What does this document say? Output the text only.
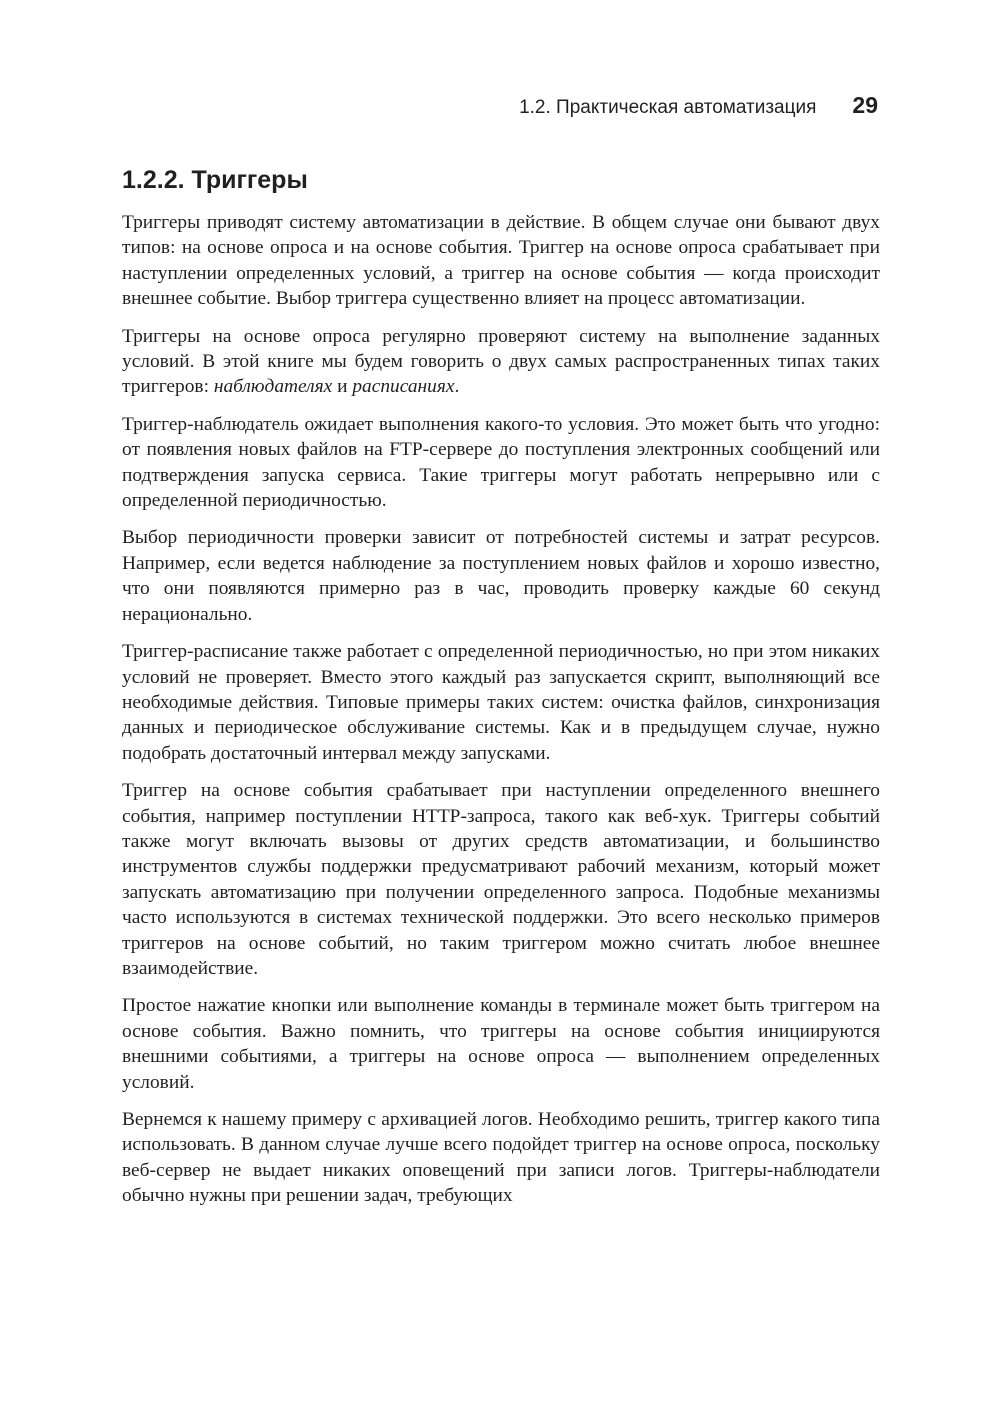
1.2. Практическая автоматизация 29
1.2.2. Триггеры

Триггеры приводят систему автоматизации в действие. В общем случае они бывают двух типов: на основе опроса и на основе события. Триггер на основе опроса срабатывает при наступлении определенных условий, а триггер на основе события — когда происходит внешнее событие. Выбор триггера существенно влияет на процесс автоматизации.

Триггеры на основе опроса регулярно проверяют систему на выполнение заданных условий. В этой книге мы будем говорить о двух самых распространенных типах таких триггеров: наблюдателях и расписаниях.

Триггер-наблюдатель ожидает выполнения какого-то условия. Это может быть что угодно: от появления новых файлов на FTP-сервере до поступления электронных сообщений или подтверждения запуска сервиса. Такие триггеры могут работать непрерывно или с определенной периодичностью.

Выбор периодичности проверки зависит от потребностей системы и затрат ресурсов. Например, если ведется наблюдение за поступлением новых файлов и хорошо известно, что они появляются примерно раз в час, проводить проверку каждые 60 секунд нерационально.

Триггер-расписание также работает с определенной периодичностью, но при этом никаких условий не проверяет. Вместо этого каждый раз запускается скрипт, выполняющий все необходимые действия. Типовые примеры таких систем: очистка файлов, синхронизация данных и периодическое обслуживание системы. Как и в предыдущем случае, нужно подобрать достаточный интервал между запусками.

Триггер на основе события срабатывает при наступлении определенного внешнего события, например поступлении HTTP-запроса, такого как веб-хук. Триггеры событий также могут включать вызовы от других средств автоматизации, и большинство инструментов службы поддержки предусматривают рабочий механизм, который может запускать автоматизацию при получении определенного запроса. Подобные механизмы часто используются в системах технической поддержки. Это всего несколько примеров триггеров на основе событий, но таким триггером можно считать любое внешнее взаимодействие.

Простое нажатие кнопки или выполнение команды в терминале может быть триггером на основе события. Важно помнить, что триггеры на основе события инициируются внешними событиями, а триггеры на основе опроса — выполнением определенных условий.

Вернемся к нашему примеру с архивацией логов. Необходимо решить, триггер какого типа использовать. В данном случае лучше всего подойдет триггер на основе опроса, поскольку веб-сервер не выдает никаких оповещений при записи логов. Триггеры-наблюдатели обычно нужны при решении задач, требующих
